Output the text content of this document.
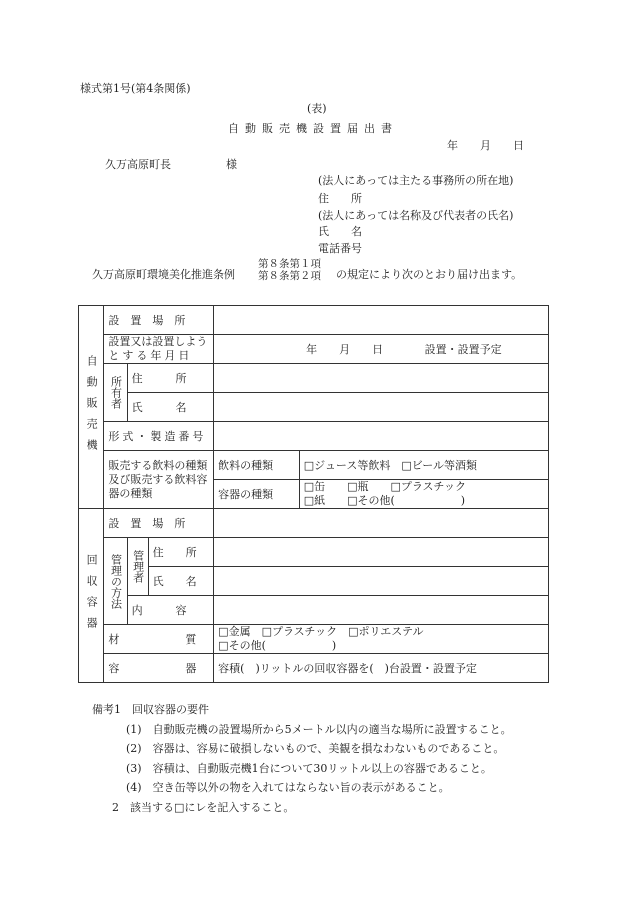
様式第1号(第4条関係)
(表)
自動販売機設置届出書
年　　月　　日
久万高原町長　　　　　様
(法人にあっては主たる事務所の所在地)
住　　所
(法人にあっては名称及び代表者の氏名)
氏　　名
電話番号
久万高原町環境美化推進条例
第８条第１項
第８条第２項 の規定により次のとおり届け出ます。
自動販売機	設　置　場　所				

	設置又は設置しよう
とする年月日			年　　月　　日 設置・設置予定	
	所有者	住　　　所			
		氏　　　名			
	形式・製造番号				

	販売する飲料の種類
及び販売する飲料容
器の種類			飲料の種類	□ジュース等飲料　□ビール等酒類
				容器の種類	□缶　　□瓶　　□プラスチック
□紙　　□その他(　　　　　　)

回収容器	設　置　場　所				
	管理の方法	管理者	住　　所		
			氏　　名		
		内　　　容			
	材　　　　　　質			□金属　□プラスチック　□ポリエステル
□その他(　　　　　　)	

	容　　　　　　器			容積(　)リットルの回収容器を(　)台設置・設置予定	
備考1　回収容器の要件
(1)　自動販売機の設置場所から5メートル以内の適当な場所に設置すること。
(2)　容器は、容易に破損しないもので、美観を損なわないものであること。
(3)　容積は、自動販売機1台について30リットル以上の容器であること。
(4)　空き缶等以外の物を入れてはならない旨の表示があること。
2　該当する□にレを記入すること。
